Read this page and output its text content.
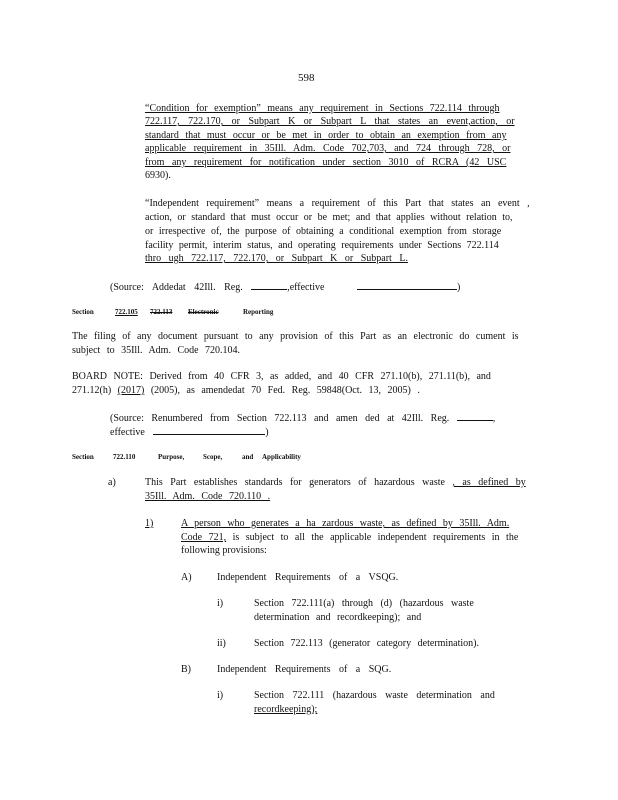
598
“Condition for exemption” means any requirement in Sections 722.114 through
722.117, 722.170, or Subpart K or Subpart L that states an event,action, or
standard that must occur or be met in order to obtain an exemption from any
applicable requirement in 35Ill. Adm. Code 702,703, and 724 through 728, or
from any requirement for notification under section 3010 of RCRA (42 USC
6930).
“Independent requirement” means a requirement of this Part that states an event ,
action, or standard that must occur or be met; and that applies without relation to,
or irrespective of, the purpose of obtaining a conditional exemption from storage
facility permit, interim status, and operating requirements under Sections 722.114
thro ugh 722.117, 722.170, or Subpart K or Subpart L.
(Source: Addedat 42Ill. Reg.	,effective	)
Section	722.105 722.113 Electronic	Reporting
The filing of any document pursuant to any provision of this Part as an electronic do cument is
subject to 35Ill. Adm. Code 720.104.
BOARD NOTE: Derived from 40 CFR 3, as added, and 40 CFR 271.10(b), 271.11(b), and
271.12(h) (2017) (2005), as amendedat 70 Fed. Reg. 59848(Oct. 13, 2005) .
(Source: Renumbered from Section 722.113 and amen ded at 42Ill. Reg.	,
effective	)
Section	722.110	Purpose,	Scope,	and Applicability
a)	This Part establishes standards for generators of hazardous waste , as defined by
35Ill. Adm. Code 720.110 .
1)	A person who generates a ha zardous waste, as defined by 35Ill. Adm.
Code 721, is subject to all the applicable independent requirements in the
following provisions:
A)	Independent Requirements of a VSQG.
i)	Section 722.111(a) through (d) (hazardous waste
determination and recordkeeping); and
ii)	Section 722.113 (generator category determination).
B)	Independent Requirements of a SQG.
i)	Section 722.111 (hazardous waste determination and
recordkeeping);
